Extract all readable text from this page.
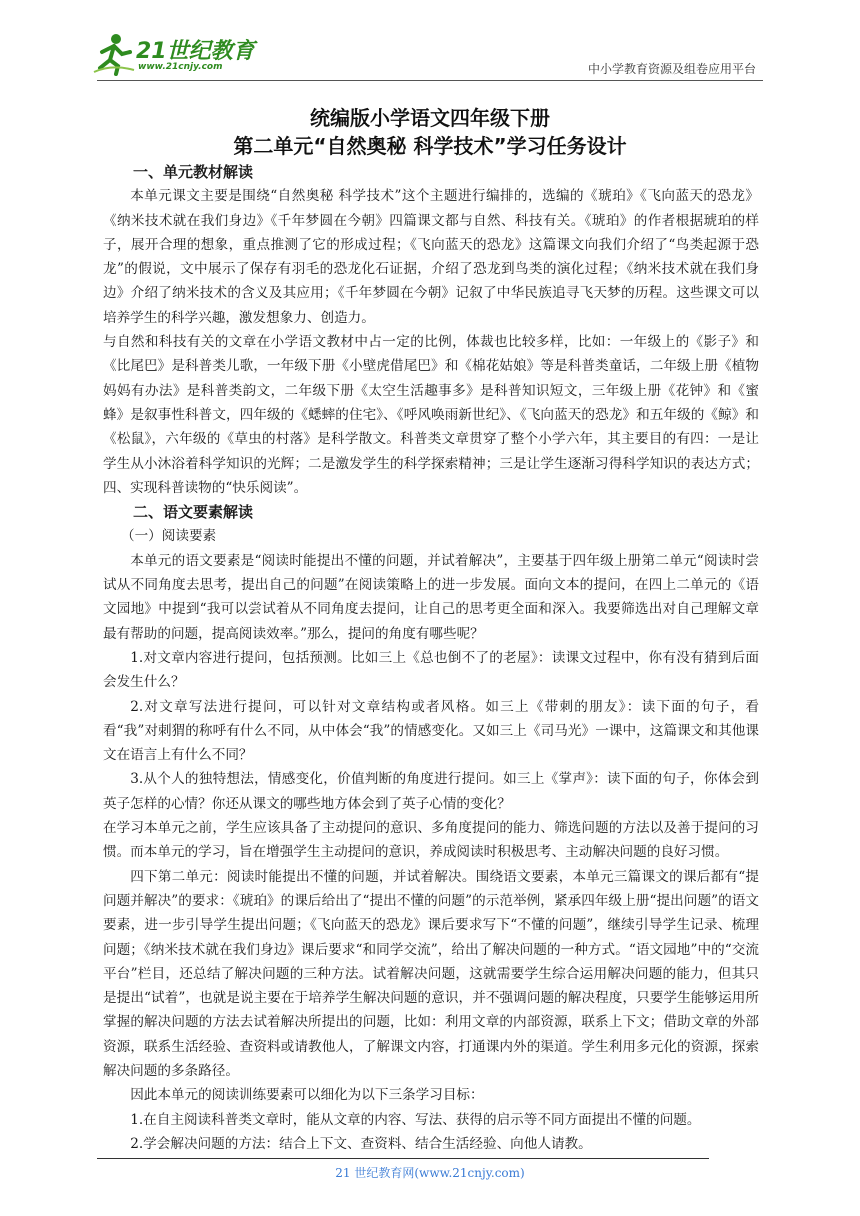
21世纪教育
www.21cnjy.com	中小学教育资源及组卷应用平台
统编版小学语文四年级下册
第二单元“自然奥秘 科学技术”学习任务设计

一、单元教材解读

本单元课文主要是围绕“自然奥秘 科学技术”这个主题进行编排的，选编的《琥珀》《飞向蓝天的恐龙》《纳米技术就在我们身边》《千年梦圆在今朝》四篇课文都与自然、科技有关。《琥珀》的作者根据琥珀的样子，展开合理的想象，重点推测了它的形成过程；《飞向蓝天的恐龙》这篇课文向我们介绍了“鸟类起源于恐龙”的假说，文中展示了保存有羽毛的恐龙化石证据，介绍了恐龙到鸟类的演化过程；《纳米技术就在我们身边》介绍了纳米技术的含义及其应用；《千年梦圆在今朝》记叙了中华民族追寻飞天梦的历程。这些课文可以培养学生的科学兴趣，激发想象力、创造力。

与自然和科技有关的文章在小学语文教材中占一定的比例，体裁也比较多样，比如：一年级上的《影子》和《比尾巴》是科普类儿歌，一年级下册《小壁虎借尾巴》和《棉花姑娘》等是科普类童话，二年级上册《植物妈妈有办法》是科普类韵文，二年级下册《太空生活趣事多》是科普知识短文，三年级上册《花钟》和《蜜蜂》是叙事性科普文，四年级的《蟋蟀的住宅》、《呼风唤雨新世纪》、《飞向蓝天的恐龙》和五年级的《鲸》和《松鼠》，六年级的《草虫的村落》是科学散文。科普类文章贯穿了整个小学六年，其主要目的有四：一是让学生从小沐浴着科学知识的光辉；二是激发学生的科学探索精神；三是让学生逐渐习得科学知识的表达方式；四、实现科普读物的“快乐阅读”。

二、语文要素解读

（一）阅读要素

本单元的语文要素是“阅读时能提出不懂的问题，并试着解决”，主要基于四年级上册第二单元“阅读时尝试从不同角度去思考，提出自己的问题”在阅读策略上的进一步发展。面向文本的提问，在四上二单元的《语文园地》中提到“我可以尝试着从不同角度去提问，让自己的思考更全面和深入。我要筛选出对自己理解文章最有帮助的问题，提高阅读效率。”那么，提问的角度有哪些呢？

1.对文章内容进行提问，包括预测。比如三上《总也倒不了的老屋》：读课文过程中，你有没有猜到后面会发生什么？

2.对文章写法进行提问，可以针对文章结构或者风格。如三上《带刺的朋友》：读下面的句子，看看“我”对刺猬的称呼有什么不同，从中体会“我”的情感变化。又如三上《司马光》一课中，这篇课文和其他课文在语言上有什么不同？

3.从个人的独特想法，情感变化，价值判断的角度进行提问。如三上《掌声》：读下面的句子，你体会到英子怎样的心情？你还从课文的哪些地方体会到了英子心情的变化？

在学习本单元之前，学生应该具备了主动提问的意识、多角度提问的能力、筛选问题的方法以及善于提问的习惯。而本单元的学习，旨在增强学生主动提问的意识，养成阅读时积极思考、主动解决问题的良好习惯。

四下第二单元：阅读时能提出不懂的问题，并试着解决。围绕语文要素，本单元三篇课文的课后都有“提问题并解决”的要求：《琥珀》的课后给出了“提出不懂的问题”的示范举例，紧承四年级上册“提出问题”的语文要素，进一步引导学生提出问题；《飞向蓝天的恐龙》课后要求写下“不懂的问题”，继续引导学生记录、梳理问题；《纳米技术就在我们身边》课后要求“和同学交流”，给出了解决问题的一种方式。“语文园地”中的“交流平台”栏目，还总结了解决问题的三种方法。试着解决问题，这就需要学生综合运用解决问题的能力，但其只是提出“试着”，也就是说主要在于培养学生解决问题的意识，并不强调问题的解决程度，只要学生能够运用所掌握的解决问题的方法去试着解决所提出的问题，比如：利用文章的内部资源，联系上下文；借助文章的外部资源，联系生活经验、查资料或请教他人，了解课文内容，打通课内外的渠道。学生利用多元化的资源，探索解决问题的多条路径。

因此本单元的阅读训练要素可以细化为以下三条学习目标：

1.在自主阅读科普类文章时，能从文章的内容、写法、获得的启示等不同方面提出不懂的问题。

2.学会解决问题的方法：结合上下文、查资料、结合生活经验、向他人请教。

21 世纪教育网(www.21cnjy.com)
